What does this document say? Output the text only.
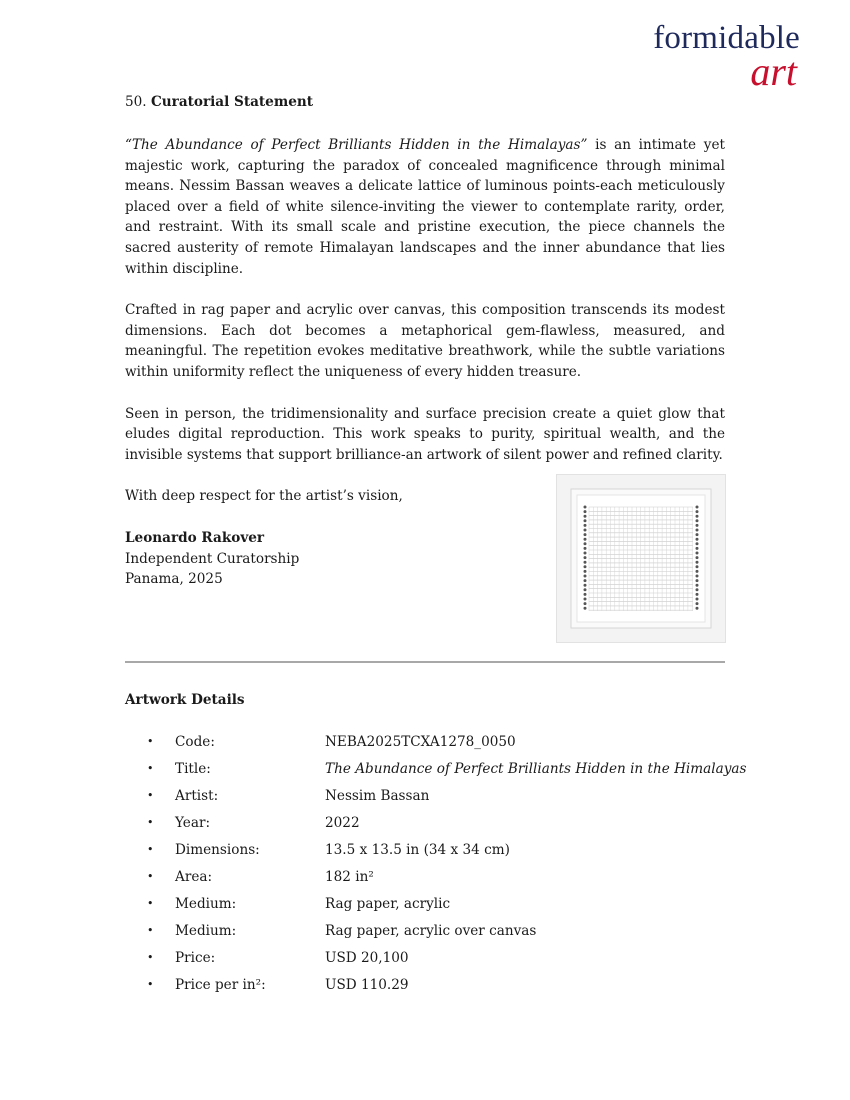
formidable
art
50. Curatorial Statement

“The Abundance of Perfect Brilliants Hidden in the Himalayas” is an intimate yet majestic work, capturing the paradox of concealed magnificence through minimal means. Nessim Bassan weaves a delicate lattice of luminous points-each meticulously placed over a field of white silence-inviting the viewer to contemplate rarity, order, and restraint. With its small scale and pristine execution, the piece channels the sacred austerity of remote Himalayan landscapes and the inner abundance that lies within discipline.

Crafted in rag paper and acrylic over canvas, this composition transcends its modest dimensions. Each dot becomes a metaphorical gem-flawless, measured, and meaningful. The repetition evokes meditative breathwork, while the subtle variations within uniformity reflect the uniqueness of every hidden treasure.

Seen in person, the tridimensionality and surface precision create a quiet glow that eludes digital reproduction. This work speaks to purity, spiritual wealth, and the invisible systems that support brilliance-an artwork of silent power and refined clarity.

With deep respect for the artist’s vision,

Leonardo Rakover
Independent Curatorship
Panama, 2025
Artwork Details
• Code:	NEBA2025TCXA1278_0050
• Title:	The Abundance of Perfect Brilliants Hidden in the Himalayas
• Artist:	Nessim Bassan
• Year:	2022
• Dimensions:	13.5 x 13.5 in (34 x 34 cm)
• Area:	182 in²
• Medium:	Rag paper, acrylic
• Medium:	Rag paper, acrylic over canvas
• Price:	USD 20,100
• Price per in²:	USD 110.29
